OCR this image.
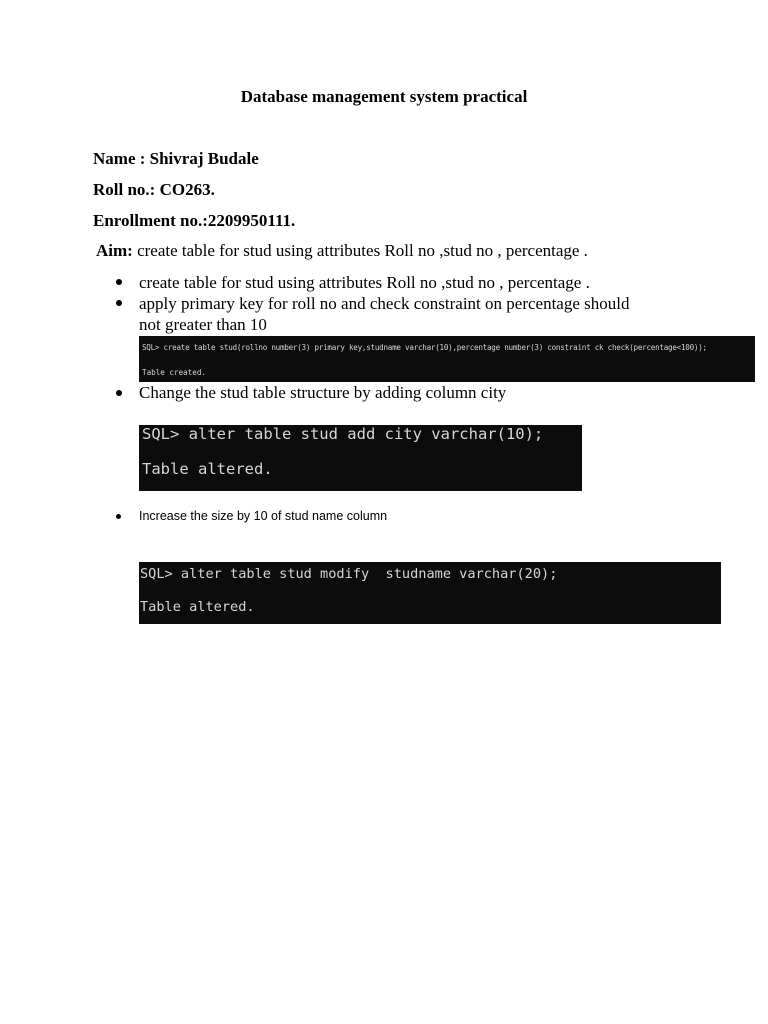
Database management system practical
Name : Shivraj Budale
Roll no.: CO263.
Enrollment no.:2209950111.
Aim: create table for stud using attributes Roll no ,stud no , percentage .
create table for stud using attributes Roll no ,stud no , percentage .
apply primary key for roll no and check constraint on percentage should
not greater than 10
SQL> create table stud(rollno number(3) primary key,studname varchar(10),percentage number(3) constraint ck check(percentage<100));
Table created.
Change the stud table structure by adding column city
SQL> alter table stud add city varchar(10);
Table altered.
Increase the size by 10 of stud name column
SQL> alter table stud modify  studname varchar(20);
Table altered.
